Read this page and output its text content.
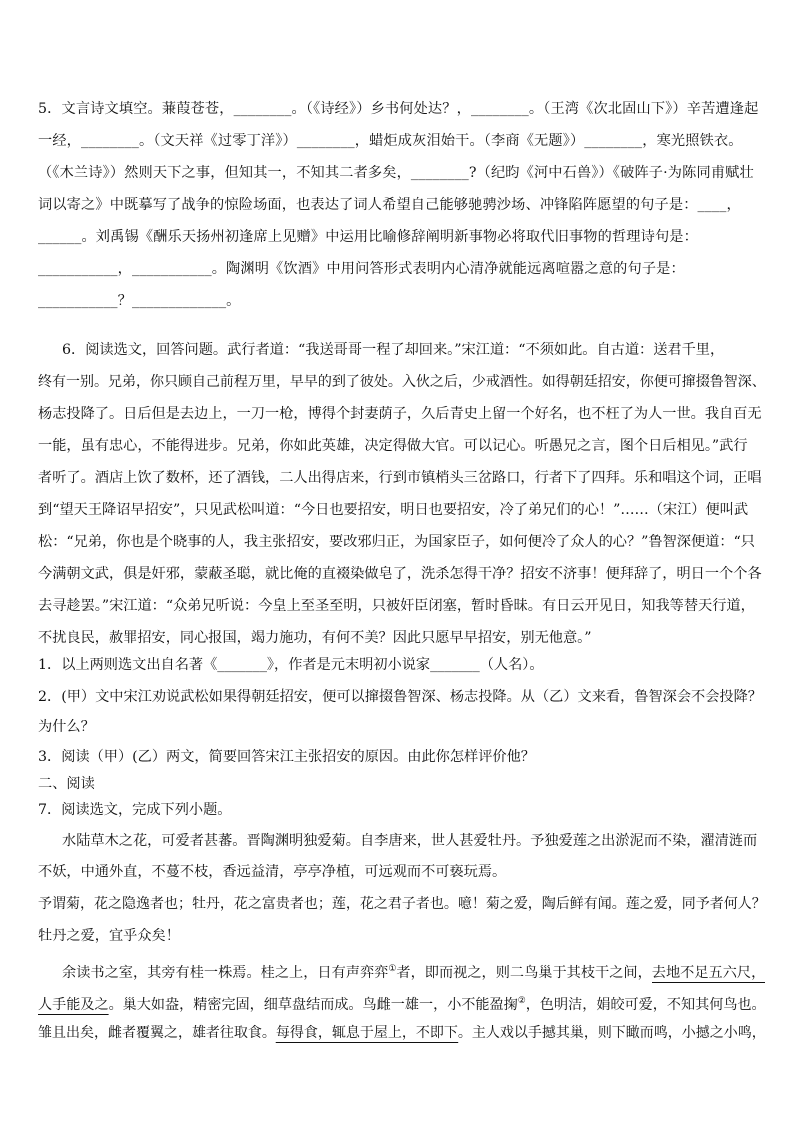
5．文言诗文填空。蒹葭苍苍，________。（《诗经》）乡书何处达？，________。（王湾《次北固山下》）辛苦遭逢起
一经，________。（文天祥《过零丁洋》）________，蜡炬成灰泪始干。（李商《无题》）________，寒光照铁衣。
（《木兰诗》）然则天下之事，但知其一，不知其二者多矣，________?（纪昀《河中石兽》）《破阵子·为陈同甫赋壮
词以寄之》中既摹写了战争的惊险场面，也表达了词人希望自己能够驰骋沙场、冲锋陷阵愿望的句子是：____，
______。刘禹锡《酬乐天扬州初逢席上见赠》中运用比喻修辞阐明新事物必将取代旧事物的哲理诗句是：
___________，___________。陶渊明《饮酒》中用问答形式表明内心清净就能远离喧嚣之意的句子是：
___________？_____________。
6．阅读选文，回答问题。武行者道：“我送哥哥一程了却回来。”宋江道：“不须如此。自古道：送君千里，
终有一别。兄弟，你只顾自己前程万里，早早的到了彼处。入伙之后，少戒酒性。如得朝廷招安，你便可撺掇鲁智深、
杨志投降了。日后但是去边上，一刀一枪，博得个封妻荫子，久后青史上留一个好名，也不枉了为人一世。我自百无
一能，虽有忠心，不能得进步。兄弟，你如此英雄，决定得做大官。可以记心。听愚兄之言，图个日后相见。”武行
者听了。酒店上饮了数杯，还了酒钱，二人出得店来，行到市镇梢头三岔路口，行者下了四拜。乐和唱这个词，正唱
到“望天王降诏早招安”，只见武松叫道：“今日也要招安，明日也要招安，冷了弟兄们的心！”……（宋江）便叫武
松：“兄弟，你也是个晓事的人，我主张招安，要改邪归正，为国家臣子，如何便冷了众人的心？”鲁智深便道：“只
今满朝文武，俱是奸邪，蒙蔽圣聪，就比俺的直裰染做皂了，洗杀怎得干净？招安不济事！便拜辞了，明日一个个各
去寻趁罢。”宋江道：“众弟兄听说：今皇上至圣至明，只被奸臣闭塞，暂时昏昧。有日云开见日，知我等替天行道，
不扰良民，赦罪招安，同心报国，竭力施功，有何不美？因此只愿早早招安，别无他意。”
1．以上两则选文出自名著《_______》，作者是元末明初小说家_______（人名）。
2．(甲）文中宋江劝说武松如果得朝廷招安，便可以撺掇鲁智深、杨志投降。从（乙）文来看，鲁智深会不会投降？
为什么？
3．阅读（甲）(乙）两文，简要回答宋江主张招安的原因。由此你怎样评价他？
二、阅读
7．阅读选文，完成下列小题。
水陆草木之花，可爱者甚蕃。晋陶渊明独爱菊。自李唐来，世人甚爱牡丹。予独爱莲之出淤泥而不染，濯清涟而
不妖，中通外直，不蔓不枝，香远益清，亭亭净植，可远观而不可亵玩焉。
予谓菊，花之隐逸者也；牡丹，花之富贵者也；莲，花之君子者也。噫！菊之爱，陶后鲜有闻。莲之爱，同予者何人？
牡丹之爱，宜乎众矣！
余读书之室，其旁有桂一株焉。桂之上，日有声弈弈①者，即而视之，则二鸟巢于其枝干之间，去地不足五六尺，
人手能及之。巢大如盎，精密完固，细草盘结而成。鸟雌一雄一，小不能盈掬②，色明洁，娟皎可爱，不知其何鸟也。
雏且出矣，雌者覆翼之，雄者往取食。每得食，辄息于屋上，不即下。主人戏以手撼其巢，则下瞰而鸣，小撼之小鸣，
